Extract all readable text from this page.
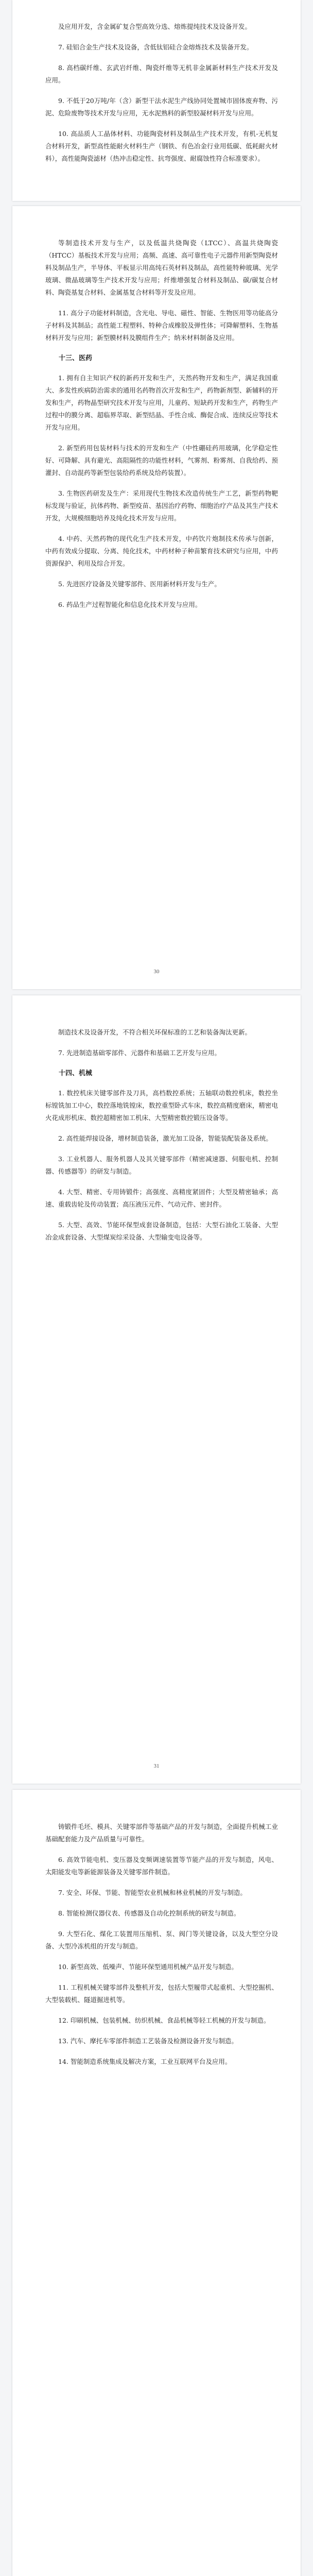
及应用开发，含金属矿复合型高效分选、熔炼提纯技术及设备开发。

7. 硅铝合金生产技术及设备，含低钛铝硅合金熔炼技术及装备开发。

8. 高档碳纤维、玄武岩纤维、陶瓷纤维等无机非金属新材料生产技术开发及应用。

9. 不低于20万吨/年（含）新型干法水泥生产线协同处置城市固体废弃物、污泥、危险废物等技术开发与应用，无水泥熟料的新型胶凝材料开发与应用。

10. 高品质人工晶体材料、功能陶瓷材料及制品生产技术开发，有机-无机复合材料开发，新型高性能耐火材料生产（钢铁、有色冶金行业用低碳、低耗耐火材料），高性能陶瓷滤材（热冲击稳定性、抗弯强度、耐腐蚀性符合标准要求）。

等制造技术开发与生产，以及低温共烧陶瓷（LTCC）、高温共烧陶瓷（HTCC）基板技术开发与应用；高频、高速、高可靠性电子元器件用新型陶瓷材料及制品生产，半导体、平板显示用高纯石英材料及制品，高性能特种玻璃、光学玻璃、微晶玻璃等生产技术开发与应用；纤维增强复合材料及制品、碳/碳复合材料、陶瓷基复合材料、金属基复合材料等开发及应用。

11. 高分子功能材料制造，含光电、导电、磁性、智能、生物医用等功能高分子材料及其制品；高性能工程塑料、特种合成橡胶及弹性体；可降解塑料、生物基材料开发与应用；新型膜材料及膜组件生产；纳米材料制备及应用。

十三、医药

1. 拥有自主知识产权的新药开发和生产，天然药物开发和生产，满足我国重大、多发性疾病防治需求的通用名药物首次开发和生产，药物新剂型、新辅料的开发和生产，药物晶型研究技术开发与应用，儿童药、短缺药开发和生产，药物生产过程中的膜分离、超临界萃取、新型结晶、手性合成、酶促合成、连续反应等技术开发与应用。

2. 新型药用包装材料与技术的开发和生产（中性硼硅药用玻璃，化学稳定性好、可降解、具有避光、高阻隔性的功能性材料，气雾剂、粉雾剂、自我给药、预灌封、自动混药等新型包装给药系统及给药装置）。

3. 生物医药研发及生产：采用现代生物技术改造传统生产工艺，新型药物靶标发现与验证，抗体药物、新型疫苗、基因治疗药物、细胞治疗产品及其生产技术开发，大规模细胞培养及纯化技术开发与应用。

4. 中药、天然药物的现代化生产技术开发，中药饮片炮制技术传承与创新，中药有效成分提取、分离、纯化技术，中药材种子种苗繁育技术研究与应用，中药资源保护、利用及综合开发。

5. 先进医疗设备及关键零部件、医用新材料开发与生产。

6. 药品生产过程智能化和信息化技术开发与应用。

30

制造技术及设备开发，不符合相关环保标准的工艺和装备淘汰更新。

7. 先进制造基础零部件、元器件和基础工艺开发与应用。

十四、机械

1. 数控机床关键零部件及刀具，高档数控系统；五轴联动数控机床，数控坐标镗铣加工中心，数控落地铣镗床，数控重型卧式车床，数控高精度磨床，精密电火花成形机床、数控超精密加工机床、大型精密数控锻压设备等。

2. 高性能焊接设备，增材制造装备，激光加工设备，智能装配装备及系统。

3. 工业机器人、服务机器人及其关键零部件（精密减速器、伺服电机、控制器、传感器等）的研发与制造。

4. 大型、精密、专用铸锻件；高强度、高精度紧固件；大型及精密轴承；高速、重载齿轮及传动装置；高压液压元件、气动元件、密封件。

5. 大型、高效、节能环保型成套设备制造，包括：大型石油化工装备、大型冶金成套设备、大型煤炭综采设备、大型输变电设备等。

31

铸锻件毛坯、模具、关键零部件等基础产品的开发与制造，全面提升机械工业基础配套能力及产品质量与可靠性。

6. 高效节能电机、变压器及变频调速装置等节能产品的开发与制造，风电、太阳能发电等新能源装备及关键零部件制造。

7. 安全、环保、节能、智能型农业机械和林业机械的开发与制造。

8. 智能检测仪器仪表、传感器及自动化控制系统的研发与制造。

9. 大型石化、煤化工装置用压缩机、泵、阀门等关键设备，以及大型空分设备、大型冷冻机组的开发与制造。

10. 新型高效、低噪声、节能环保型通用机械产品开发与制造。

11. 工程机械关键零部件及整机开发，包括大型履带式起重机、大型挖掘机、大型装载机、隧道掘进机等。

12. 印刷机械、包装机械、纺织机械、食品机械等轻工机械的开发与制造。

13. 汽车、摩托车零部件制造工艺装备及检测设备开发与制造。

14. 智能制造系统集成及解决方案，工业互联网平台及应用。
